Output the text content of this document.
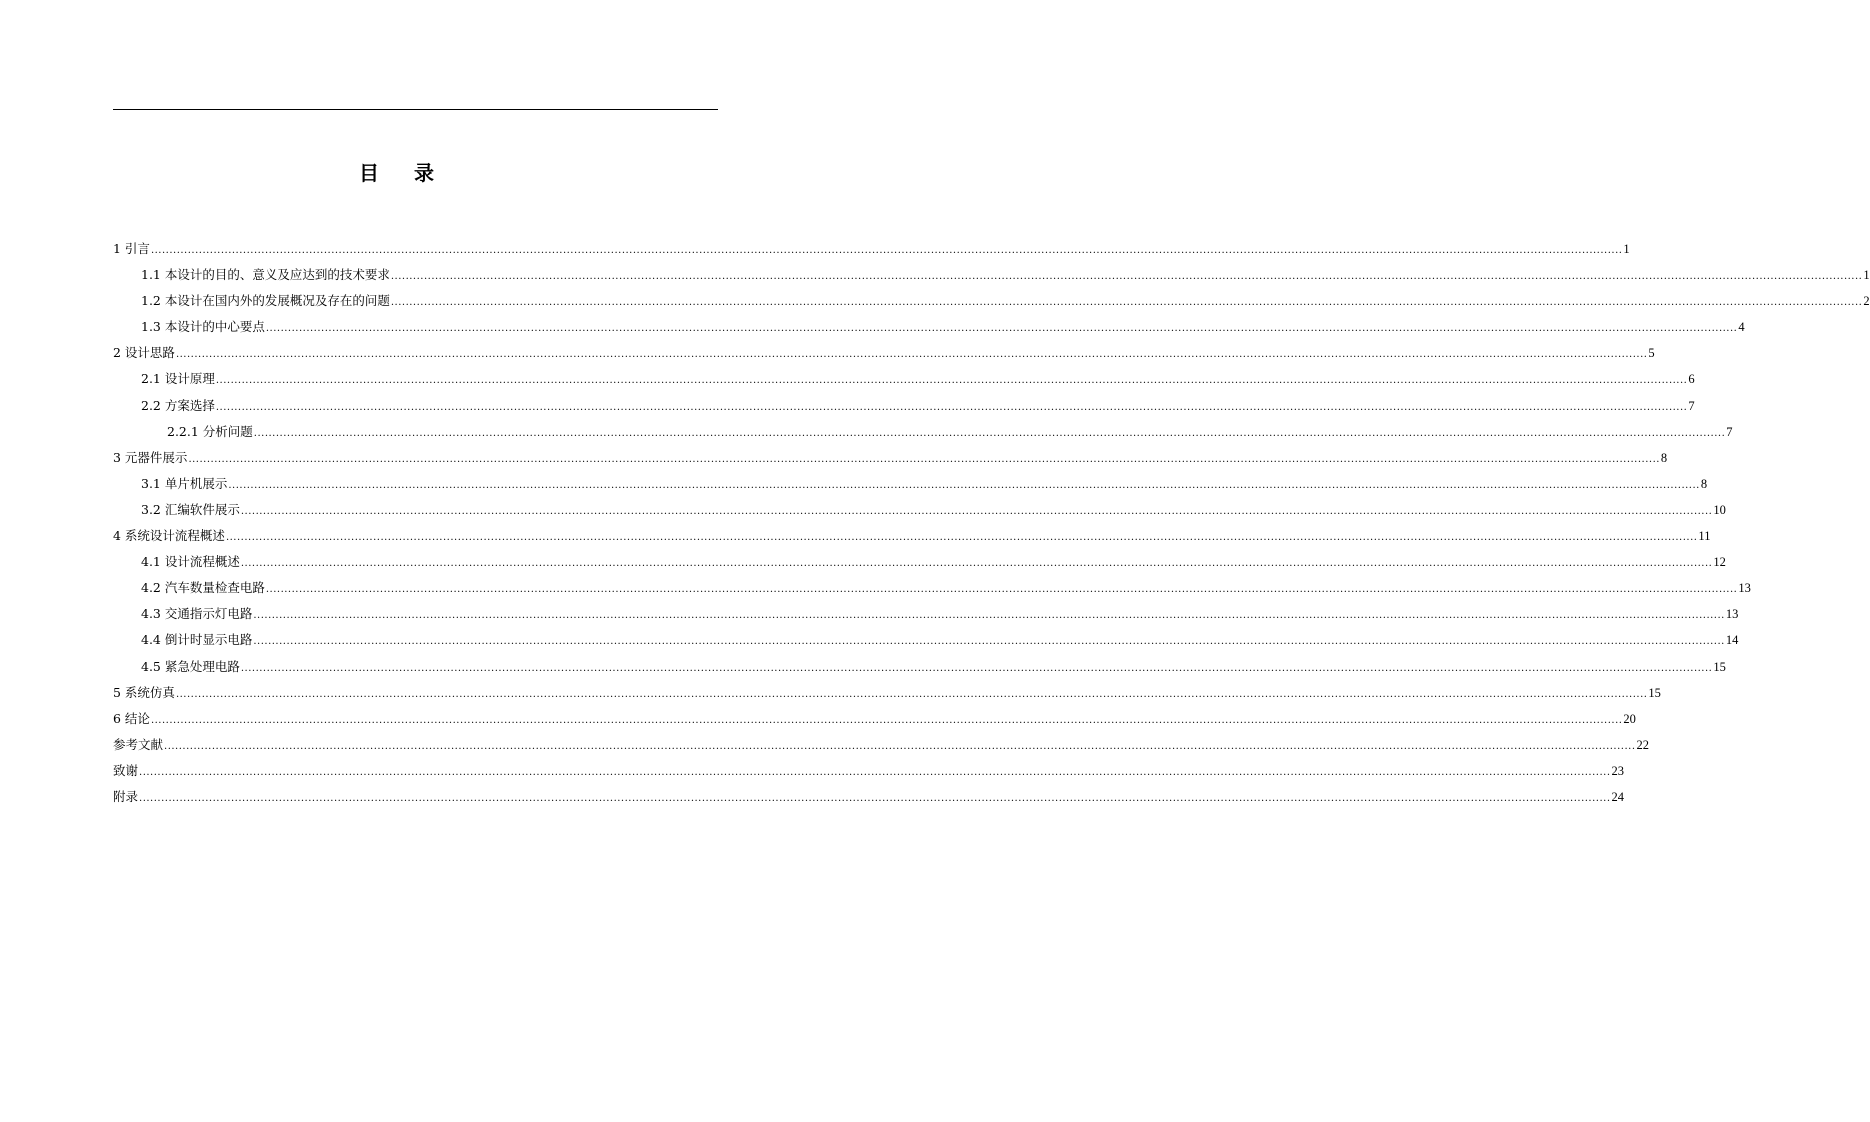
目 录
1 引言 ................................................................................................................................................................................................................................................................................................................................................................................................................ 1
1.1 本设计的目的、意义及应达到的技术要求 ................................................................................................................................................................................................................................................................................................................................................................................................................ 1
1.2 本设计在国内外的发展概况及存在的问题 ................................................................................................................................................................................................................................................................................................................................................................................................................ 2
1.3 本设计的中心要点 ................................................................................................................................................................................................................................................................................................................................................................................................................ 4
2 设计思路 ................................................................................................................................................................................................................................................................................................................................................................................................................ 5
2.1 设计原理 ................................................................................................................................................................................................................................................................................................................................................................................................................ 6
2.2 方案选择 ................................................................................................................................................................................................................................................................................................................................................................................................................ 7
2.2.1 分析问题 ................................................................................................................................................................................................................................................................................................................................................................................................................ 7
3 元器件展示 ................................................................................................................................................................................................................................................................................................................................................................................................................ 8
3.1 单片机展示 ................................................................................................................................................................................................................................................................................................................................................................................................................ 8
3.2 汇编软件展示 ................................................................................................................................................................................................................................................................................................................................................................................................................ 10
4 系统设计流程概述 ................................................................................................................................................................................................................................................................................................................................................................................................................ 11
4.1 设计流程概述 ................................................................................................................................................................................................................................................................................................................................................................................................................ 12
4.2 汽车数量检查电路 ................................................................................................................................................................................................................................................................................................................................................................................................................ 13
4.3 交通指示灯电路 ................................................................................................................................................................................................................................................................................................................................................................................................................ 13
4.4 倒计时显示电路 ................................................................................................................................................................................................................................................................................................................................................................................................................ 14
4.5 紧急处理电路 ................................................................................................................................................................................................................................................................................................................................................................................................................ 15
5 系统仿真 ................................................................................................................................................................................................................................................................................................................................................................................................................ 15
6 结论 ................................................................................................................................................................................................................................................................................................................................................................................................................ 20
参考文献 ................................................................................................................................................................................................................................................................................................................................................................................................................ 22
致谢 ................................................................................................................................................................................................................................................................................................................................................................................................................ 23
附录 ................................................................................................................................................................................................................................................................................................................................................................................................................ 24
